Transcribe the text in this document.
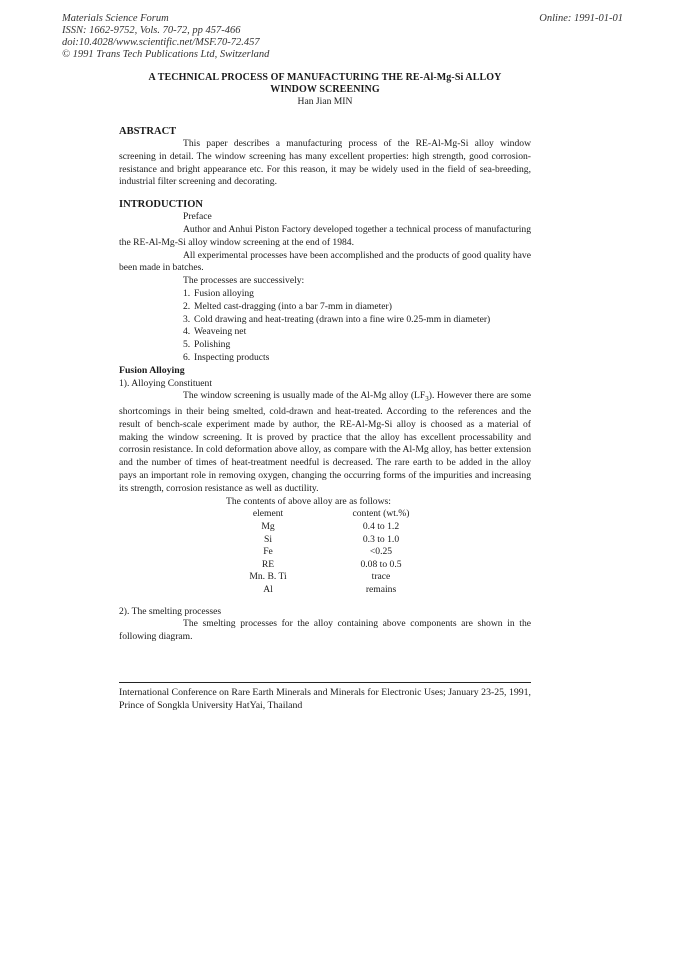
Materials Science Forum
ISSN: 1662-9752, Vols. 70-72, pp 457-466
doi:10.4028/www.scientific.net/MSF.70-72.457
© 1991 Trans Tech Publications Ltd, Switzerland
Online: 1991-01-01
A TECHNICAL PROCESS OF MANUFACTURING THE RE-Al-Mg-Si ALLOY
WINDOW SCREENING
Han Jian MIN
ABSTRACT
This paper describes a manufacturing process of the RE-Al-Mg-Si alloy window screening in detail. The window screening has many excellent properties: high strength, good corrosion-resistance and bright appearance etc. For this reason, it may be widely used in the field of sea-breeding, industrial filter screening and decorating.
INTRODUCTION
Preface
Author and Anhui Piston Factory developed together a technical process of manufacturing the RE-Al-Mg-Si alloy window screening at the end of 1984.
All experimental processes have been accomplished and the products of good quality have been made in batches.
The processes are successively:
1. Fusion alloying
2. Melted cast-dragging (into a bar 7-mm in diameter)
3. Cold drawing and heat-treating (drawn into a fine wire 0.25-mm in diameter)
4. Weaveing net
5. Polishing
6. Inspecting products
Fusion Alloying
1). Alloying Constituent
The window screening is usually made of the Al-Mg alloy $(LF_3)$. However there are some shortcomings in their being smelted, cold-drawn and heat-treated. According to the references and the result of bench-scale experiment made by author, the RE-Al-Mg-Si alloy is choosed as a material of making the window screening. It is proved by practice that the alloy has excellent processability and corrosin resistance. In cold deformation above alloy, as compare with the Al-Mg alloy, has better extension and the number of times of heat-treatment needful is decreased. The rare earth to be added in the alloy pays an important role in removing oxygen, changing the occurring forms of the impurities and increasing its strength, corrosion resistance as well as ductility.
The contents of above alloy are as follows:
element	content (wt.%)
Mg	0.4 to 1.2
Si	0.3 to 1.0
Fe	<0.25
RE	0.08 to 0.5
Mn. B. Ti	trace
Al	remains
2). The smelting processes
The smelting processes for the alloy containing above components are shown in the following diagram.
International Conference on Rare Earth Minerals and Minerals for Electronic Uses; January 23-25, 1991, Prince of Songkla University HatYai, Thailand
